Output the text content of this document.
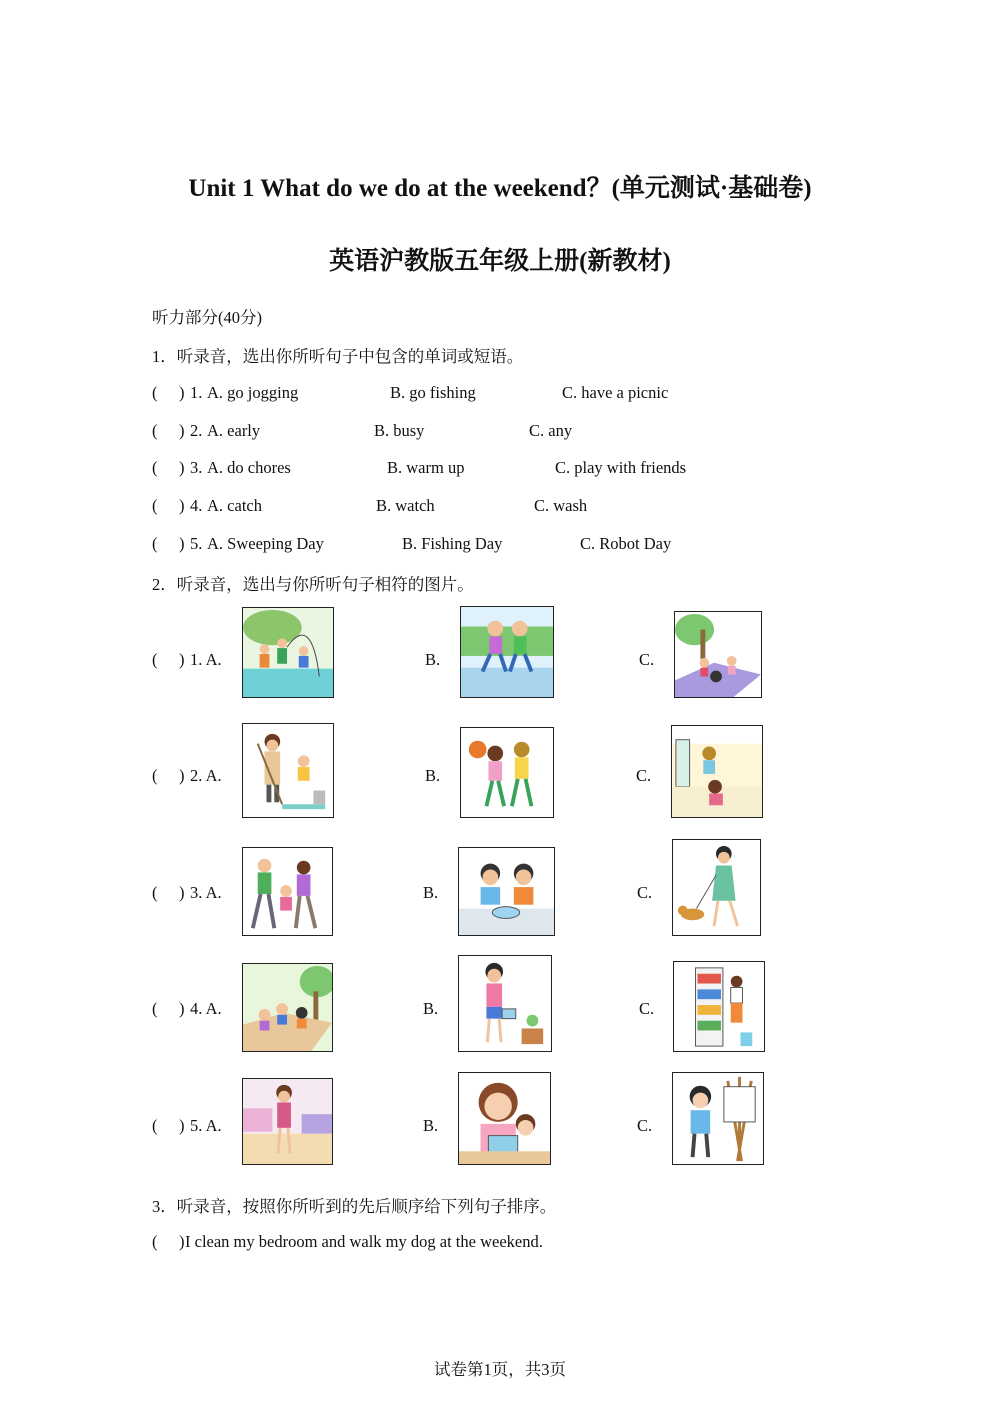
Unit 1 What do we do at the weekend？(单元测试·基础卷)
英语沪教版五年级上册(新教材)
听力部分(40分)
1．听录音，选出你所听句子中包含的单词或短语。
( ) 1. A. go jogging	B. go fishing	C. have a picnic
( ) 2. A. early	B. busy	C. any
( ) 3. A. do chores	B. warm up	C. play with friends
( ) 4. A. catch	B. watch	C. wash
( ) 5. A. Sweeping Day	B. Fishing Day	C. Robot Day
2．听录音，选出与你所听句子相符的图片。
( ) 1. A.	B.	C.
( ) 2. A.	B.	C.
( ) 3. A.	B.	C.
( ) 4. A.	B.	C.
( ) 5. A.	B.	C.
3．听录音，按照你所听到的先后顺序给下列句子排序。
( ) I clean my bedroom and walk my dog at the weekend.
试卷第1页，共3页
